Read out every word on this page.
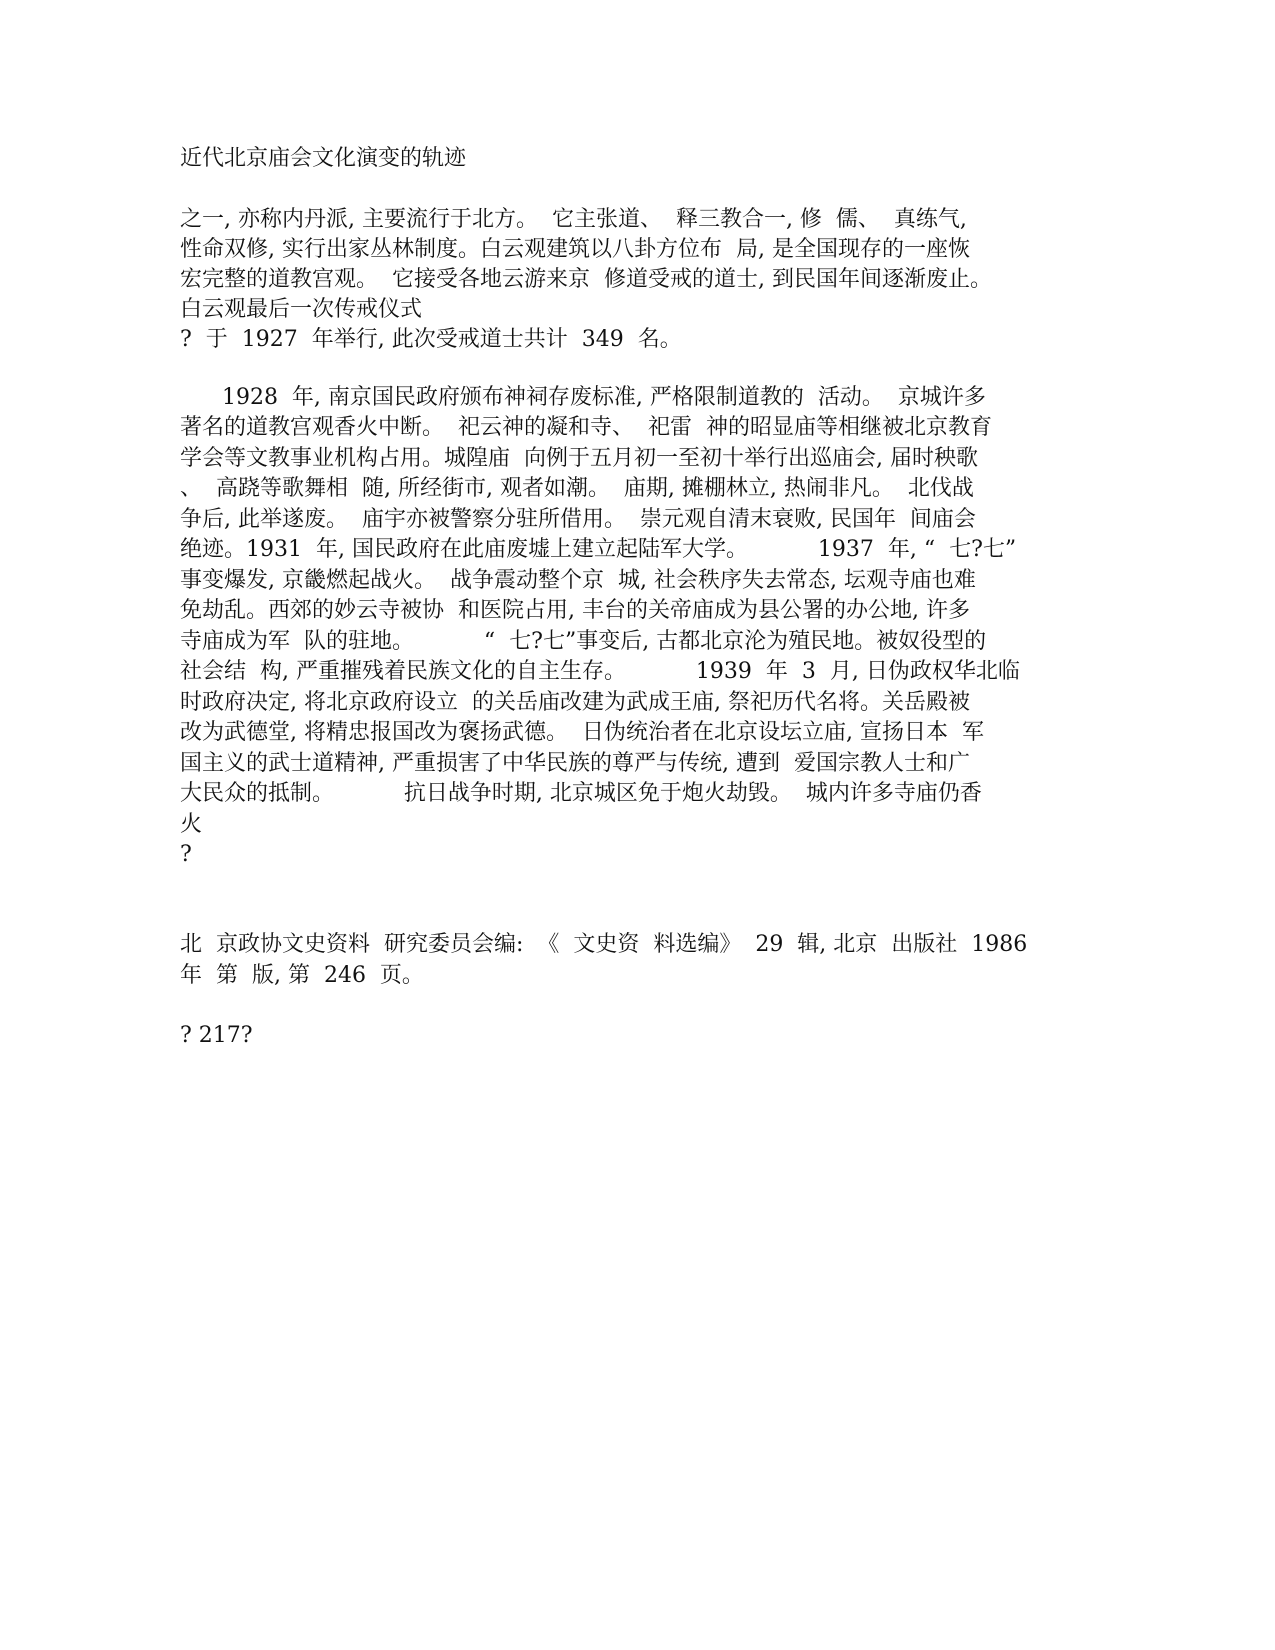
近代北京庙会文化演变的轨迹

之一, 亦称内丹派, 主要流行于北方。  它主张道、  释三教合一, 修  儒、  真练气,

性命双修, 实行出家丛林制度。白云观建筑以八卦方位布  局, 是全国现存的一座恢

宏完整的道教宫观。  它接受各地云游来京  修道受戒的道士, 到民国年间逐渐废止。

白云观最后一次传戒仪式

?  于  1927  年举行, 此次受戒道士共计  349  名。

1928  年, 南京国民政府颁布神祠存废标准, 严格限制道教的  活动。  京城许多

著名的道教宫观香火中断。  祀云神的凝和寺、  祀雷  神的昭显庙等相继被北京教育

学会等文教事业机构占用。城隍庙  向例于五月初一至初十举行出巡庙会, 届时秧歌

、  高跷等歌舞相  随, 所经街市, 观者如潮。  庙期, 摊棚林立, 热闹非凡。  北伐战

争后, 此举遂废。  庙宇亦被警察分驻所借用。  崇元观自清末衰败, 民国年  间庙会

绝迹。1931  年, 国民政府在此庙废墟上建立起陆军大学。          1937  年, “  七?七”

事变爆发, 京畿燃起战火。  战争震动整个京  城, 社会秩序失去常态, 坛观寺庙也难

免劫乱。西郊的妙云寺被协  和医院占用, 丰台的关帝庙成为县公署的办公地, 许多

寺庙成为军  队的驻地。          “  七?七”事变后, 古都北京沦为殖民地。被奴役型的

社会结  构, 严重摧残着民族文化的自主生存。          1939  年  3  月, 日伪政权华北临

时政府决定, 将北京政府设立  的关岳庙改建为武成王庙, 祭祀历代名将。关岳殿被

改为武德堂, 将精忠报国改为褒扬武德。  日伪统治者在北京设坛立庙, 宣扬日本  军

国主义的武士道精神, 严重损害了中华民族的尊严与传统, 遭到  爱国宗教人士和广

大民众的抵制。          抗日战争时期, 北京城区免于炮火劫毁。  城内许多寺庙仍香

火

?

北  京政协文史资料  研究委员会编:  《  文史资  料选编》  29  辑, 北京  出版社  1986

年  第  版, 第  246  页。

? 217?
